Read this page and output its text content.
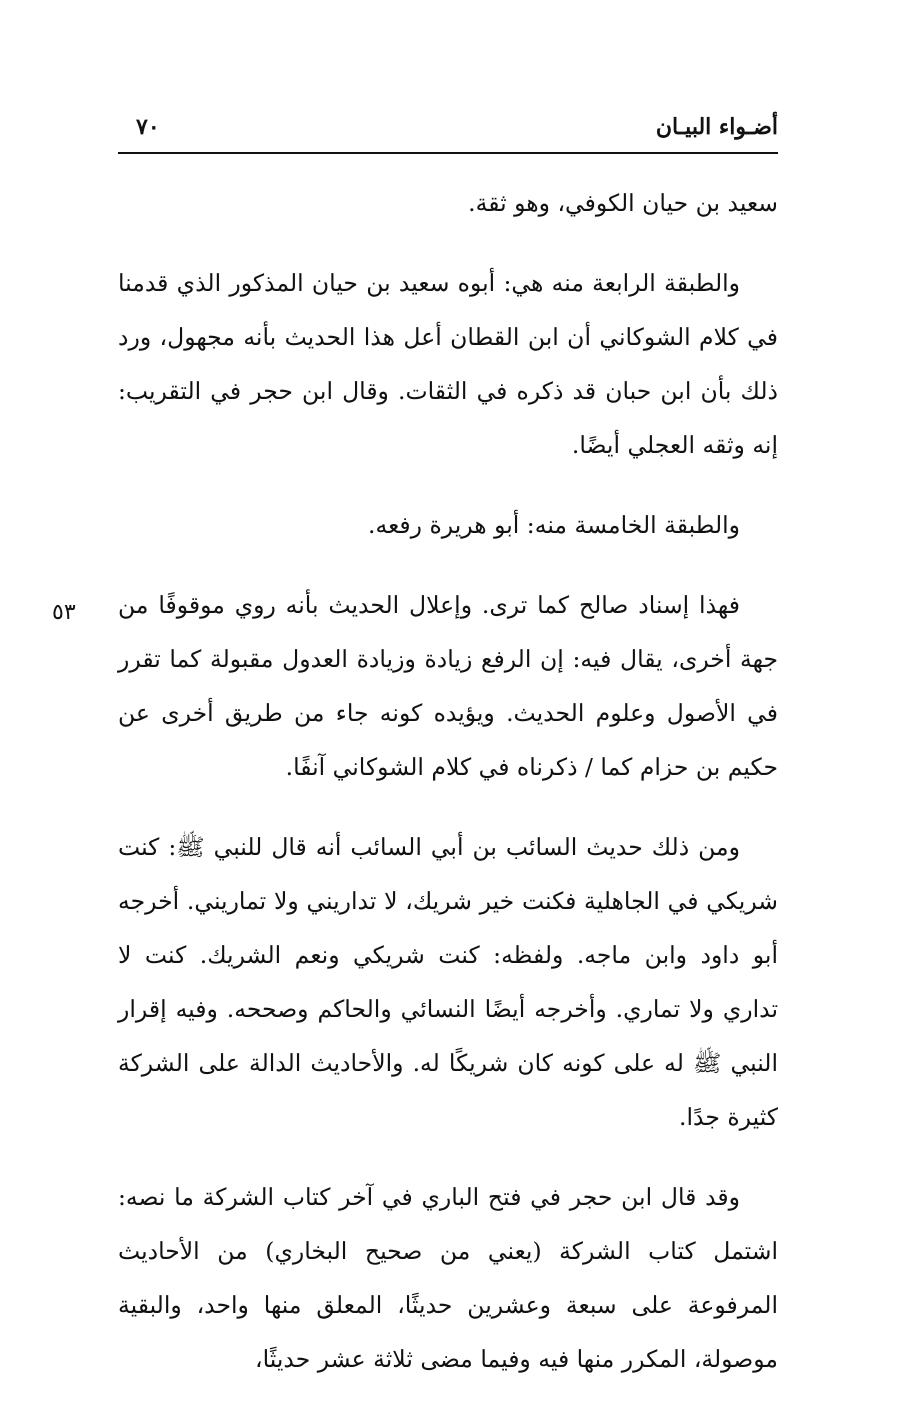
أضـواء البيـان
٧٠
٥٣

سعيد بن حيان الكوفي، وهو ثقة.

والطبقة الرابعة منه هي: أبوه سعيد بن حيان المذكور الذي قدمنا في كلام الشوكاني أن ابن القطان أعل هذا الحديث بأنه مجهول، ورد ذلك بأن ابن حبان قد ذكره في الثقات. وقال ابن حجر في التقريب: إنه وثقه العجلي أيضًا.

والطبقة الخامسة منه: أبو هريرة رفعه.

فهذا إسناد صالح كما ترى. وإعلال الحديث بأنه روي موقوفًا من جهة أخرى، يقال فيه: إن الرفع زيادة وزيادة العدول مقبولة كما تقرر في الأصول وعلوم الحديث. ويؤيده كونه جاء من طريق أخرى عن حكيم بن حزام كما / ذكرناه في كلام الشوكاني آنفًا.

ومن ذلك حديث السائب بن أبي السائب أنه قال للنبي ﷺ: كنت شريكي في الجاهلية فكنت خير شريك، لا تداريني ولا تماريني. أخرجه أبو داود وابن ماجه. ولفظه: كنت شريكي ونعم الشريك. كنت لا تداري ولا تماري. وأخرجه أيضًا النسائي والحاكم وصححه. وفيه إقرار النبي ﷺ له على كونه كان شريكًا له. والأحاديث الدالة على الشركة كثيرة جدًا.

وقد قال ابن حجر في فتح الباري في آخر كتاب الشركة ما نصه: اشتمل كتاب الشركة (يعني من صحيح البخاري) من الأحاديث المرفوعة على سبعة وعشرين حديثًا، المعلق منها واحد، والبقية موصولة، المكرر منها فيه وفيما مضى ثلاثة عشر حديثًا،
